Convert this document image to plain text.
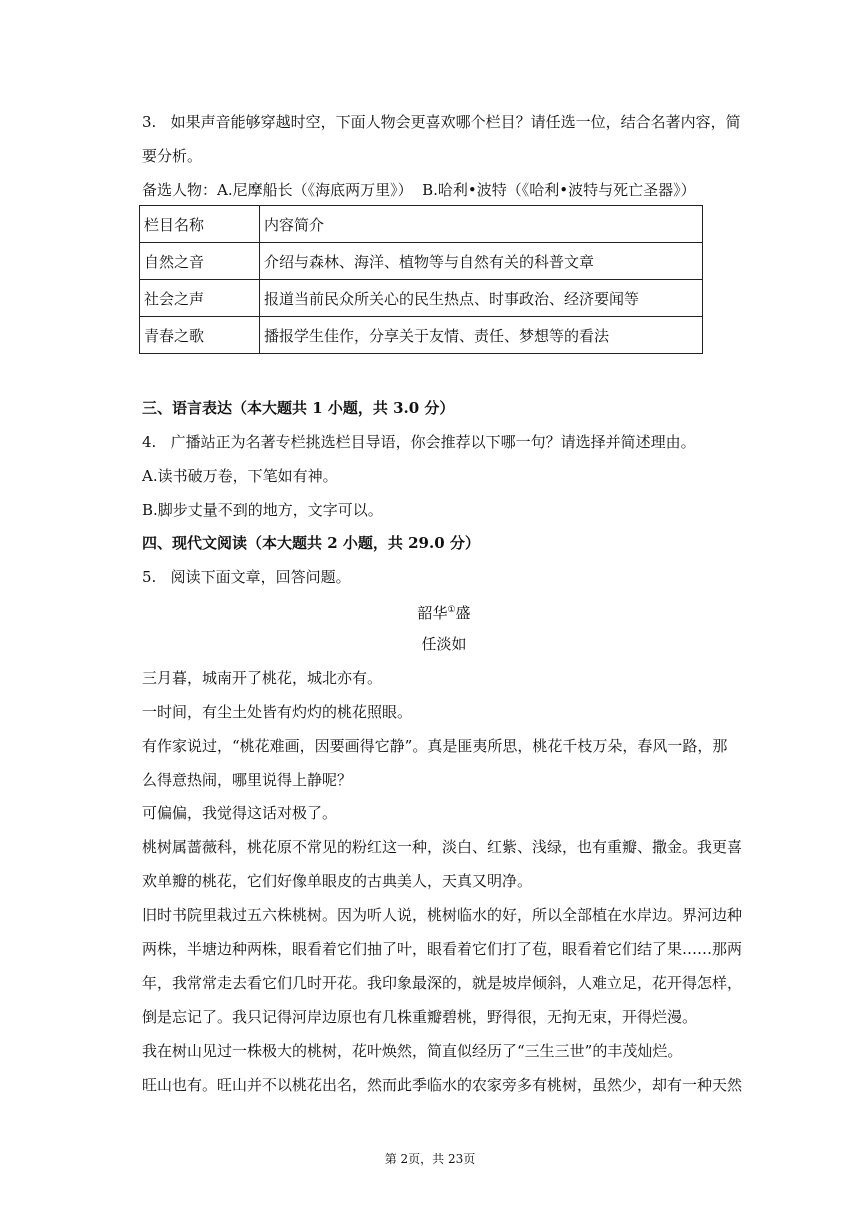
3.   如果声音能够穿越时空，下面人物会更喜欢哪个栏目？请任选一位，结合名著内容，简
要分析。
备选人物：A.尼摩船长（《海底两万里》）  B.哈利•波特（《哈利•波特与死亡圣器》）
栏目名称	内容简介
自然之音	介绍与森林、海洋、植物等与自然有关的科普文章
社会之声	报道当前民众所关心的民生热点、时事政治、经济要闻等
青春之歌	播报学生佳作，分享关于友情、责任、梦想等的看法
三、语言表达（本大题共 1 小题，共 3.0 分）
4.   广播站正为名著专栏挑选栏目导语，你会推荐以下哪一句？请选择并简述理由。
A.读书破万卷，下笔如有神。
B.脚步丈量不到的地方，文字可以。
四、现代文阅读（本大题共 2 小题，共 29.0 分）
5.   阅读下面文章，回答问题。
韶华①盛
任淡如
三月暮，城南开了桃花，城北亦有。
一时间，有尘土处皆有灼灼的桃花照眼。
有作家说过，“桃花难画，因要画得它静”。真是匪夷所思，桃花千枝万朵，春风一路，那
么得意热闹，哪里说得上静呢？
可偏偏，我觉得这话对极了。
桃树属蔷薇科，桃花原不常见的粉红这一种，淡白、红紫、浅绿，也有重瓣、撒金。我更喜
欢单瓣的桃花，它们好像单眼皮的古典美人，天真又明净。
旧时书院里栽过五六株桃树。因为听人说，桃树临水的好，所以全部植在水岸边。界河边种
两株，半塘边种两株，眼看着它们抽了叶，眼看着它们打了苞，眼看着它们结了果……那两
年，我常常走去看它们几时开花。我印象最深的，就是坡岸倾斜，人难立足，花开得怎样，
倒是忘记了。我只记得河岸边原也有几株重瓣碧桃，野得很，无拘无束，开得烂漫。
我在树山见过一株极大的桃树，花叶焕然，简直似经历了“三生三世”的丰茂灿烂。
旺山也有。旺山并不以桃花出名，然而此季临水的农家旁多有桃树，虽然少，却有一种天然
第 2页，共 23页
